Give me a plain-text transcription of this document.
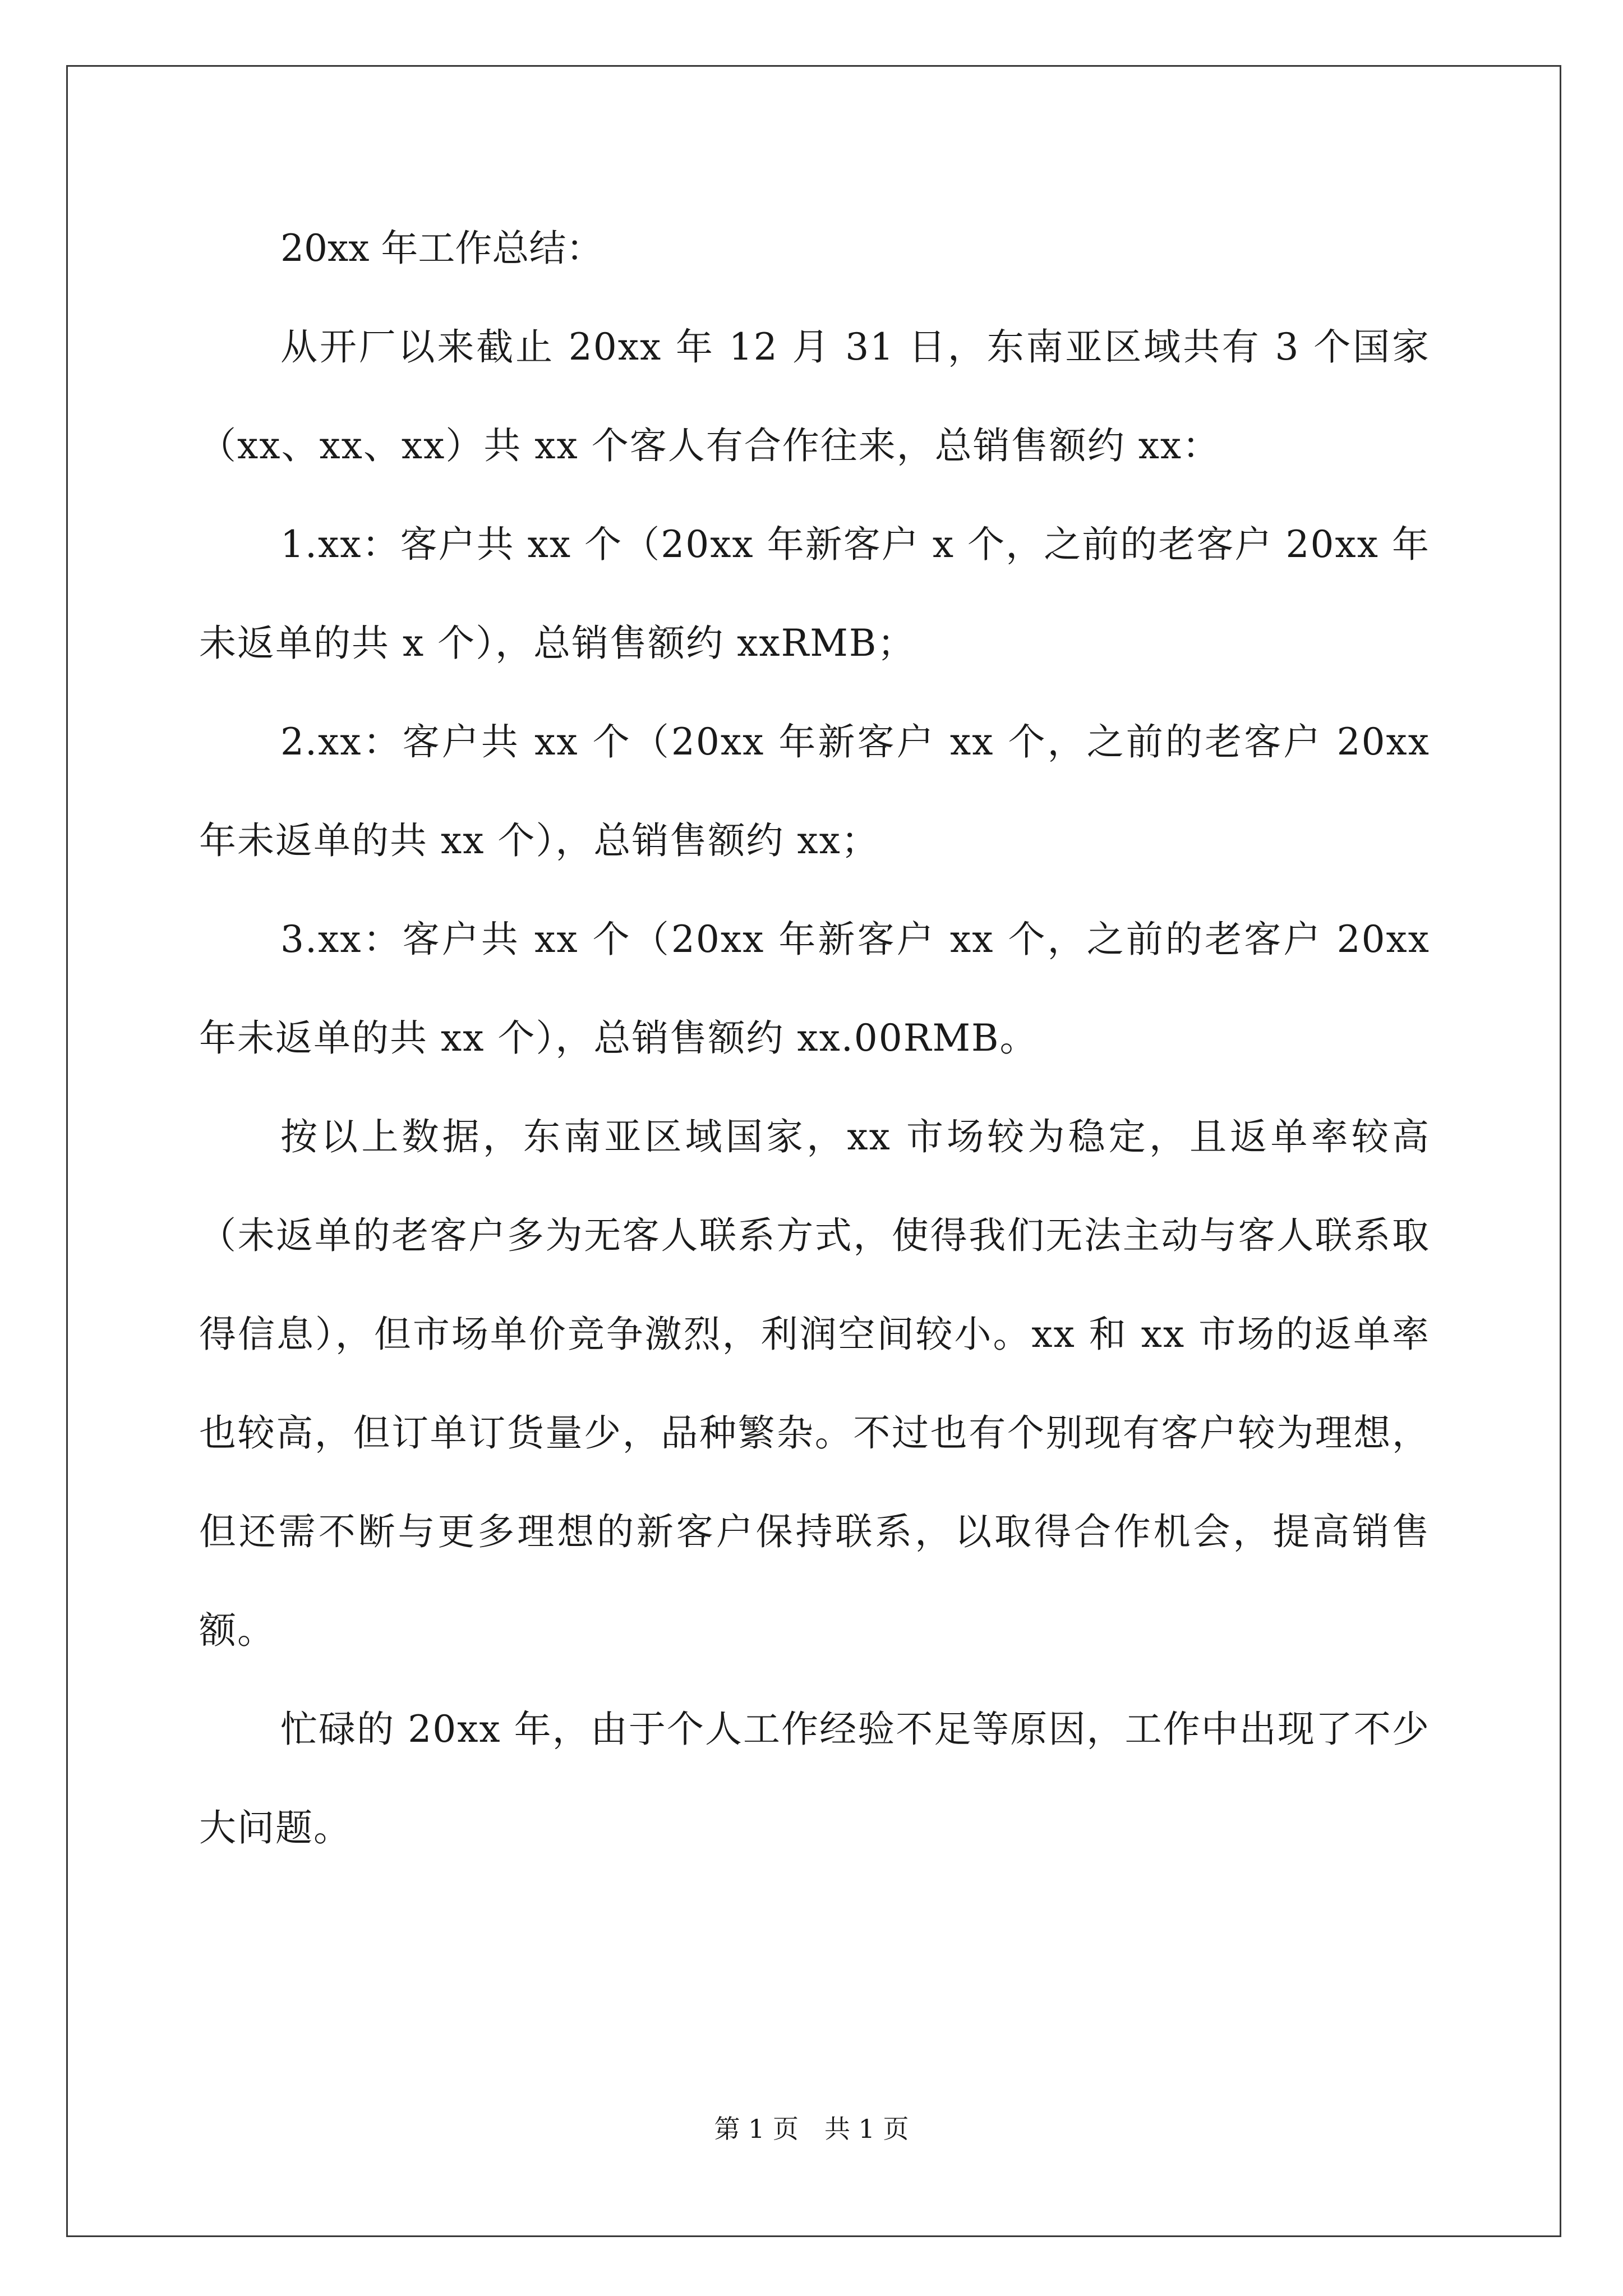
20xx 年工作总结：

从开厂以来截止 20xx 年 12 月 31 日，东南亚区域共有 3 个国家（xx、xx、xx）共 xx 个客人有合作往来，总销售额约 xx：

1.xx：客户共 xx 个（20xx 年新客户 x 个，之前的老客户 20xx 年未返单的共 x 个），总销售额约 xxRMB；

2.xx：客户共 xx 个（20xx 年新客户 xx 个，之前的老客户 20xx 年未返单的共 xx 个），总销售额约 xx；

3.xx：客户共 xx 个（20xx 年新客户 xx 个，之前的老客户 20xx 年未返单的共 xx 个），总销售额约 xx.00RMB。

按以上数据，东南亚区域国家，xx 市场较为稳定，且返单率较高（未返单的老客户多为无客人联系方式，使得我们无法主动与客人联系取得信息），但市场单价竞争激烈，利润空间较小。xx 和 xx 市场的返单率也较高，但订单订货量少，品种繁杂。不过也有个别现有客户较为理想，但还需不断与更多理想的新客户保持联系，以取得合作机会，提高销售额。

忙碌的 20xx 年，由于个人工作经验不足等原因，工作中出现了不少大问题。

第 1 页　共 1 页
